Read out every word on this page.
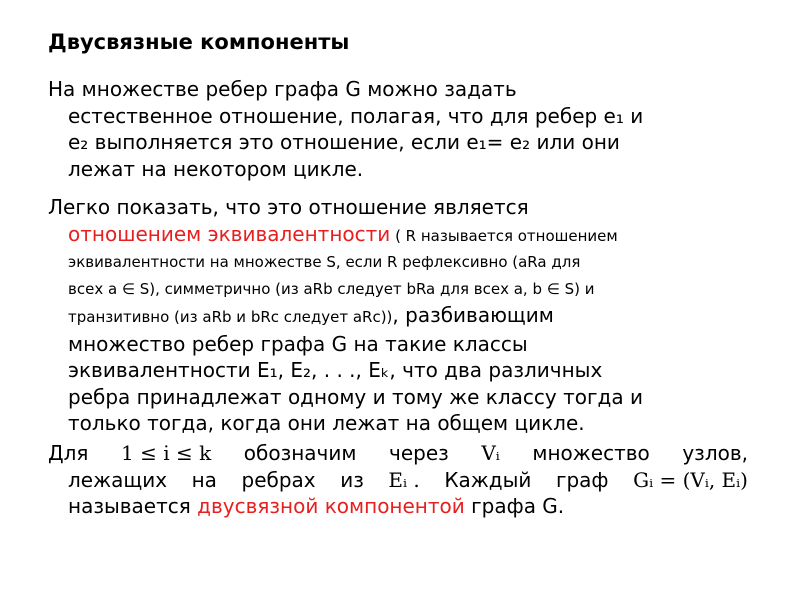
Двусвязные компоненты
На множестве ребер графа G можно задать
естественное отношение, полагая, что для ребер e₁ и
e₂ выполняется это отношение, если e₁= e₂ или они
лежат на некотором цикле.
Легко показать, что это отношение является
отношением эквивалентности ( R называется отношением
эквивалентности на множестве S, если R рефлексивно (aRa для
всех a ∈ S), симметрично (из aRb следует bRa для всех a, b ∈ S) и
транзитивно (из aRb и bRc следует aRc)), разбивающим
множество ребер графа G на такие классы
эквивалентности E₁, E₂, . . ., Eₖ, что два различных
ребра принадлежат одному и тому же классу тогда и
только тогда, когда они лежат на общем цикле.
Для 1 ≤ i ≤ k обозначим через Vᵢ множество узлов,
лежащих на ребрах из Eᵢ . Каждый граф Gᵢ = (Vᵢ, Eᵢ)
называется двусвязной компонентой графа G.
